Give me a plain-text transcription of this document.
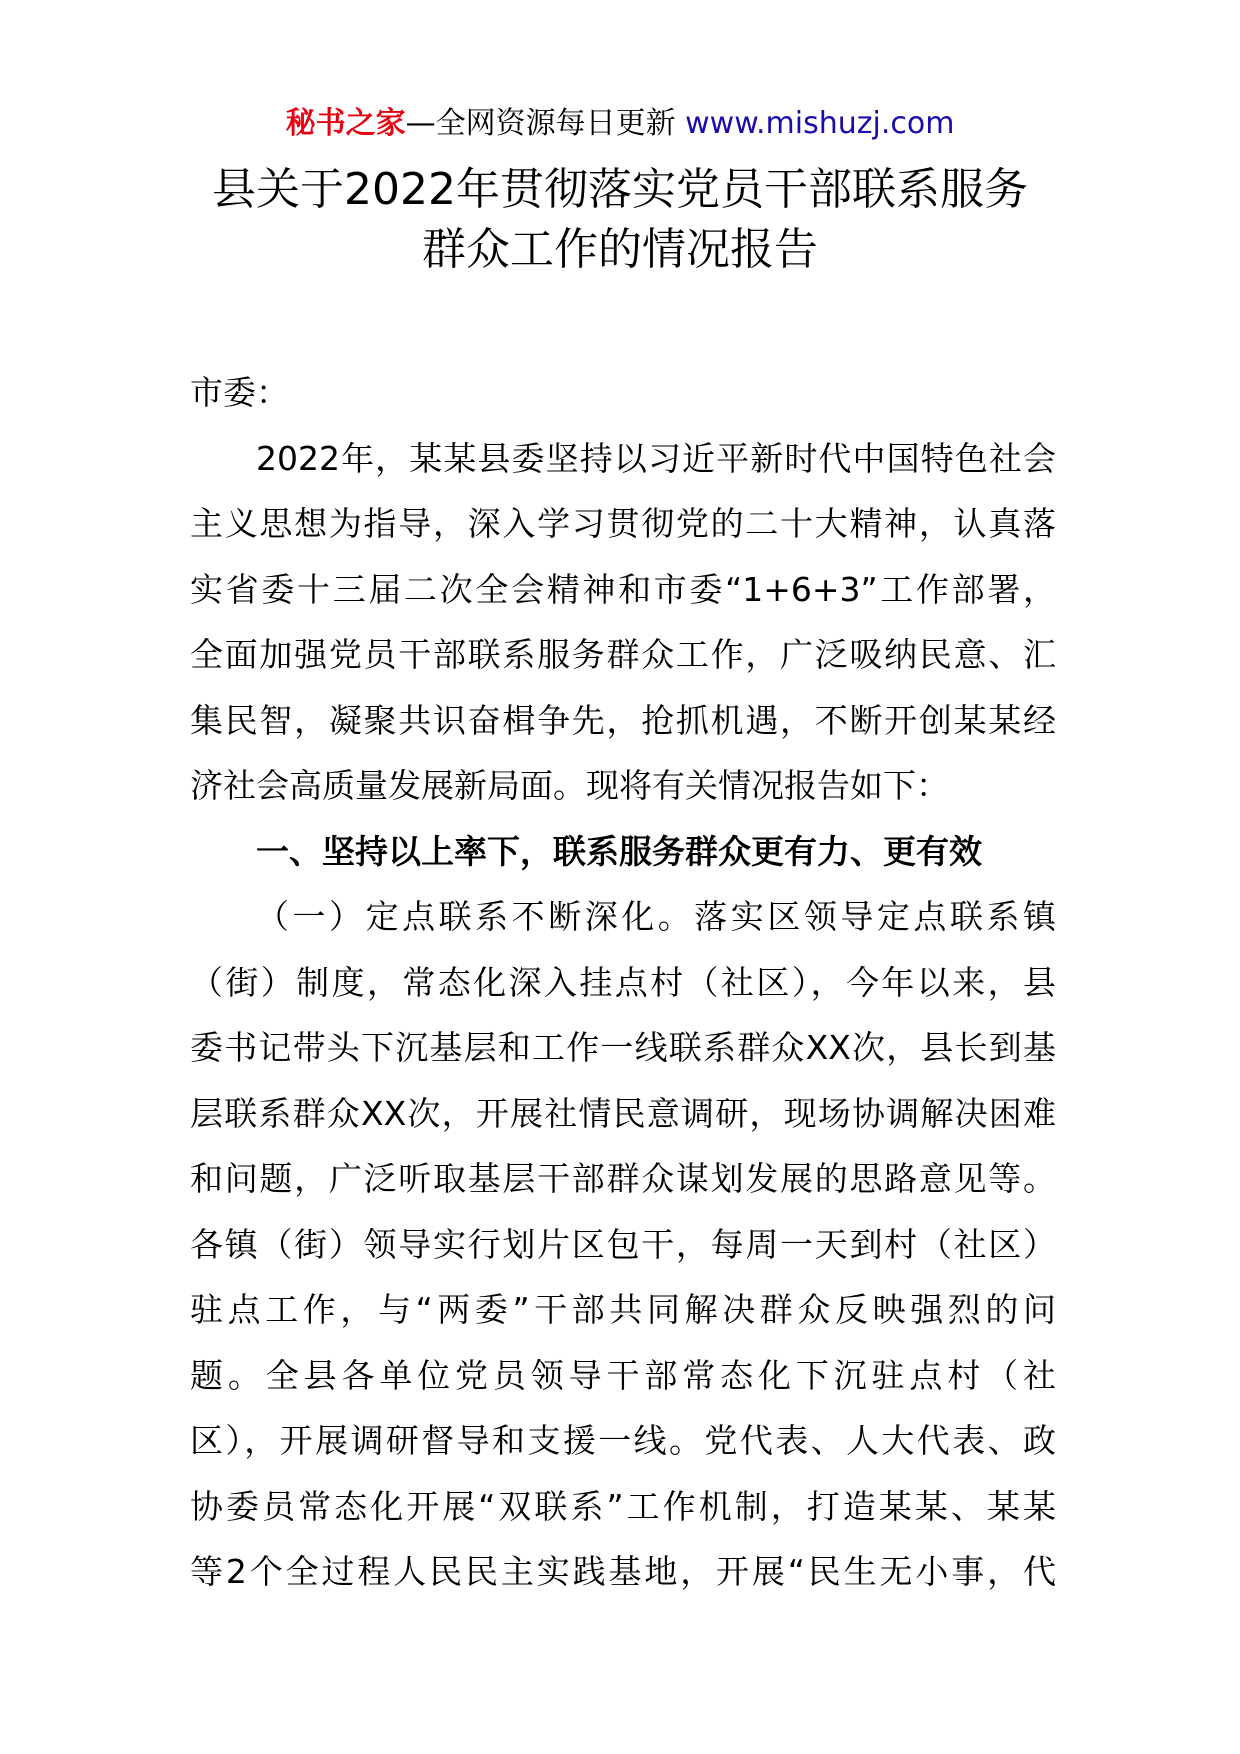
秘书之家—全网资源每日更新 www.mishuzj.com
县关于2022年贯彻落实党员干部联系服务
群众工作的情况报告
市委：
2022年，某某县委坚持以习近平新时代中国特色社会
主义思想为指导，深入学习贯彻党的二十大精神，认真落
实省委十三届二次全会精神和市委“1+6+3”工作部署，
全面加强党员干部联系服务群众工作，广泛吸纳民意、汇
集民智，凝聚共识奋楫争先，抢抓机遇，不断开创某某经
济社会高质量发展新局面。现将有关情况报告如下：
一、坚持以上率下，联系服务群众更有力、更有效
（一）定点联系不断深化。落实区领导定点联系镇
（街）制度，常态化深入挂点村（社区），今年以来，县
委书记带头下沉基层和工作一线联系群众XX次，县长到基
层联系群众XX次，开展社情民意调研，现场协调解决困难
和问题，广泛听取基层干部群众谋划发展的思路意见等。
各镇（街）领导实行划片区包干，每周一天到村（社区）
驻点工作，与“两委”干部共同解决群众反映强烈的问
题。全县各单位党员领导干部常态化下沉驻点村（社
区），开展调研督导和支援一线。党代表、人大代表、政
协委员常态化开展“双联系”工作机制，打造某某、某某
等2个全过程人民民主实践基地，开展“民生无小事，代
